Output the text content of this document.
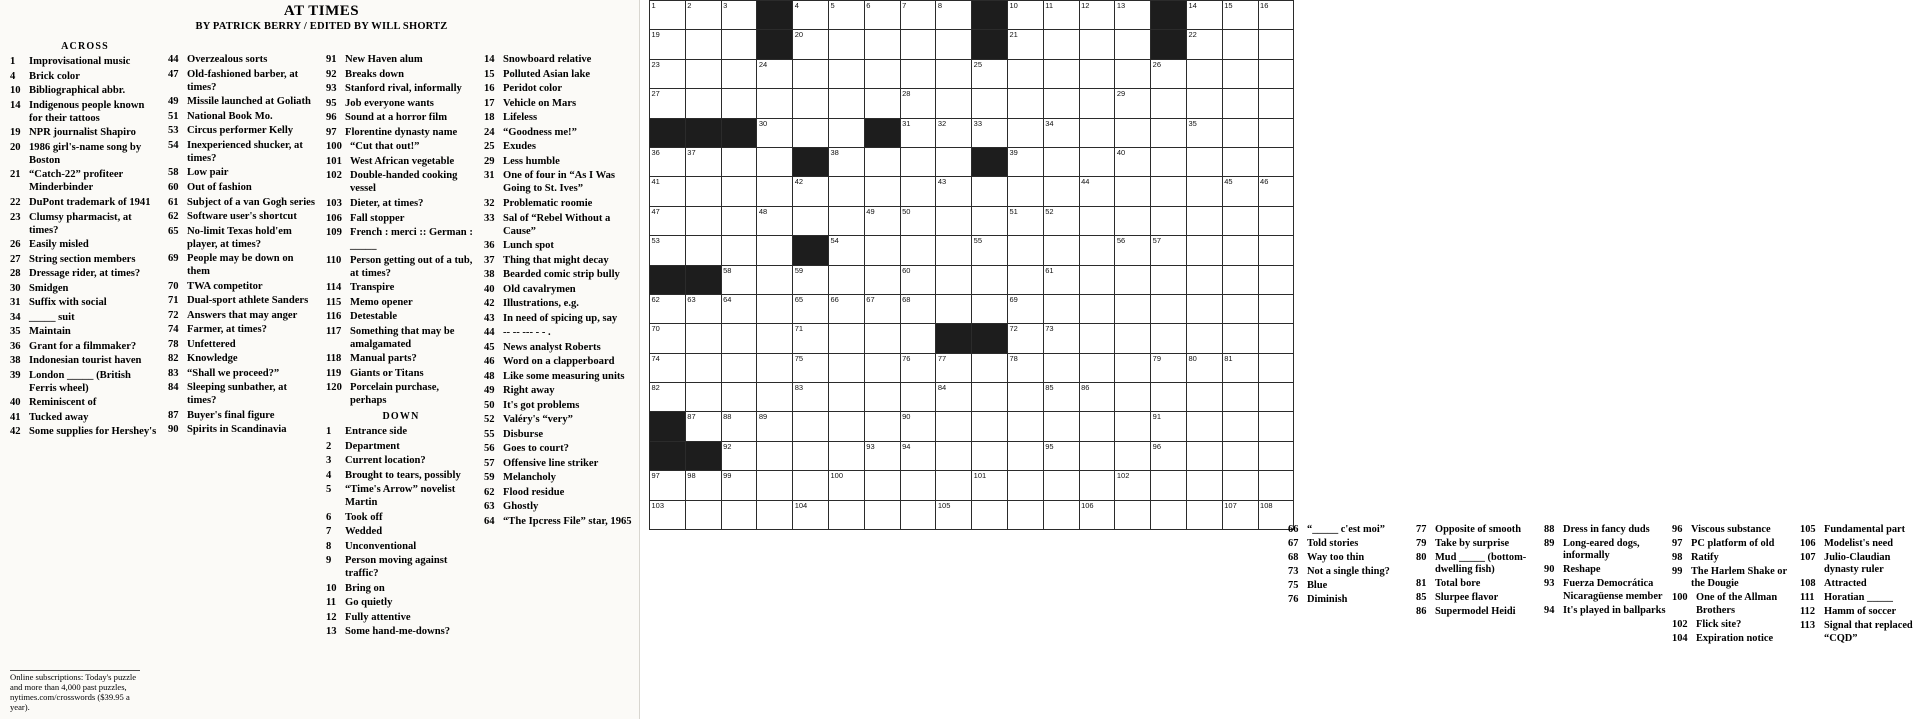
AT TIMES
BY PATRICK BERRY / EDITED BY WILL SHORTZ
ACROSS
1	Improvisational music
4	Brick color
10 Bibliographical abbr.
14 Indigenous people known for their tattoos
19 NPR journalist Shapiro
20 1986 girl's-name song by Boston
21 “Catch-22” profiteer Minderbinder
22 DuPont trademark of 1941
23 Clumsy pharmacist, at times?
26 Easily misled
27 String section members
28 Dressage rider, at times?
30 Smidgen
31 Suffix with social
34 _____ suit
35 Maintain
36 Grant for a filmmaker?
38 Indonesian tourist haven
39 London _____ (British Ferris wheel)
40 Reminiscent of
41 Tucked away
42 Some supplies for Hershey's
44 Overzealous sorts
47 Old-fashioned barber, at times?
49 Missile launched at Goliath
51 National Book Mo.
53 Circus performer Kelly
54 Inexperienced shucker, at times?
58 Low pair
60 Out of fashion
61 Subject of a van Gogh series
62 Software user's shortcut
65 No-limit Texas hold'em player, at times?
69 People may be down on them
70 TWA competitor
71 Dual-sport athlete Sanders
72 Answers that may anger
74 Farmer, at times?
78 Unfettered
82 Knowledge
83 “Shall we proceed?”
84 Sleeping sunbather, at times?
87 Buyer's final figure
90 Spirits in Scandinavia
91 New Haven alum
92 Breaks down
93 Stanford rival, informally
95 Job everyone wants
96 Sound at a horror film
97 Florentine dynasty name
100 “Cut that out!”
101 West African vegetable
102 Double-handed cooking vessel
103 Dieter, at times?
106 Fall stopper
109 French : merci :: German : _____
110 Person getting out of a tub, at times?
114 Transpire
115 Memo opener
116 Detestable
117 Something that may be amalgamated
118 Manual parts?
119 Giants or Titans
120 Porcelain purchase, perhaps
DOWN
1	Entrance side
2	Department
3	Current location?
4	Brought to tears, possibly
5	“Time's Arrow” novelist Martin
6	Took off
7	Wedded
8	Unconventional
9	Person moving against traffic?
10 Bring on
11 Go quietly
12 Fully attentive
13 Some hand-me-downs?
14 Snowboard relative
15 Polluted Asian lake
16 Peridot color
17 Vehicle on Mars
18 Lifeless
24 “Goodness me!”
25 Exudes
29 Less humble
31 One of four in “As I Was Going to St. Ives”
32 Problematic roomie
33 Sal of “Rebel Without a Cause”
36 Lunch spot
37 Thing that might decay
38 Bearded comic strip bully
40 Old cavalrymen
42 Illustrations, e.g.
43 In need of spicing up, say
44 -- -- --- - - .
45 News analyst Roberts
46 Word on a clapperboard
48 Like some measuring units
49 Right away
50 It's got problems
52 Valéry's “very”
55 Disburse
56 Goes to court?
57 Offensive line striker
59 Melancholy
62 Flood residue
63 Ghostly
64 “The Ipcress File” star, 1965
Online subscriptions: Today's puzzle and more than 4,000 past puzzles, nytimes.com/crosswords ($39.95 a year).
1	2	3		4	5	6	7	8		10	11	12	13		14	15	16

19				20						21					22		

23			24						25					26			

27							28						29				

			30				31	32	33		34				35		

36	37				38					39			40				

41				42				43				44				45	46

47			48			49	50			51	52						

53					54				55				56	57			

		58		59			60				61						

62	63	64		65	66	67	68			69							

70				71						72	73						

74				75			76	77		78				79	80	81	

82				83				84			85	86					

	87	88	89				90							91			

		92				93	94				95			96			

97	98	99			100				101				102				

103				104				105				106				107	108
66 “_____ c'est moi”
67 Told stories
68 Way too thin
73 Not a single thing?
75 Blue
76 Diminish
77 Opposite of smooth
79 Take by surprise
80 Mud _____ (bottom-dwelling fish)
81 Total bore
85 Slurpee flavor
86 Supermodel Heidi
88 Dress in fancy duds
89 Long-eared dogs, informally
90 Reshape
93 Fuerza Democrática Nicaragüense member
94 It's played in ballparks
96 Viscous substance
97 PC platform of old
98 Ratify
99 The Harlem Shake or the Dougie
100 One of the Allman Brothers
102 Flick site?
104 Expiration notice
105 Fundamental part
106 Modelist's need
107 Julio-Claudian dynasty ruler
108 Attracted
111 Horatian _____
112 Hamm of soccer
113 Signal that replaced “CQD”
